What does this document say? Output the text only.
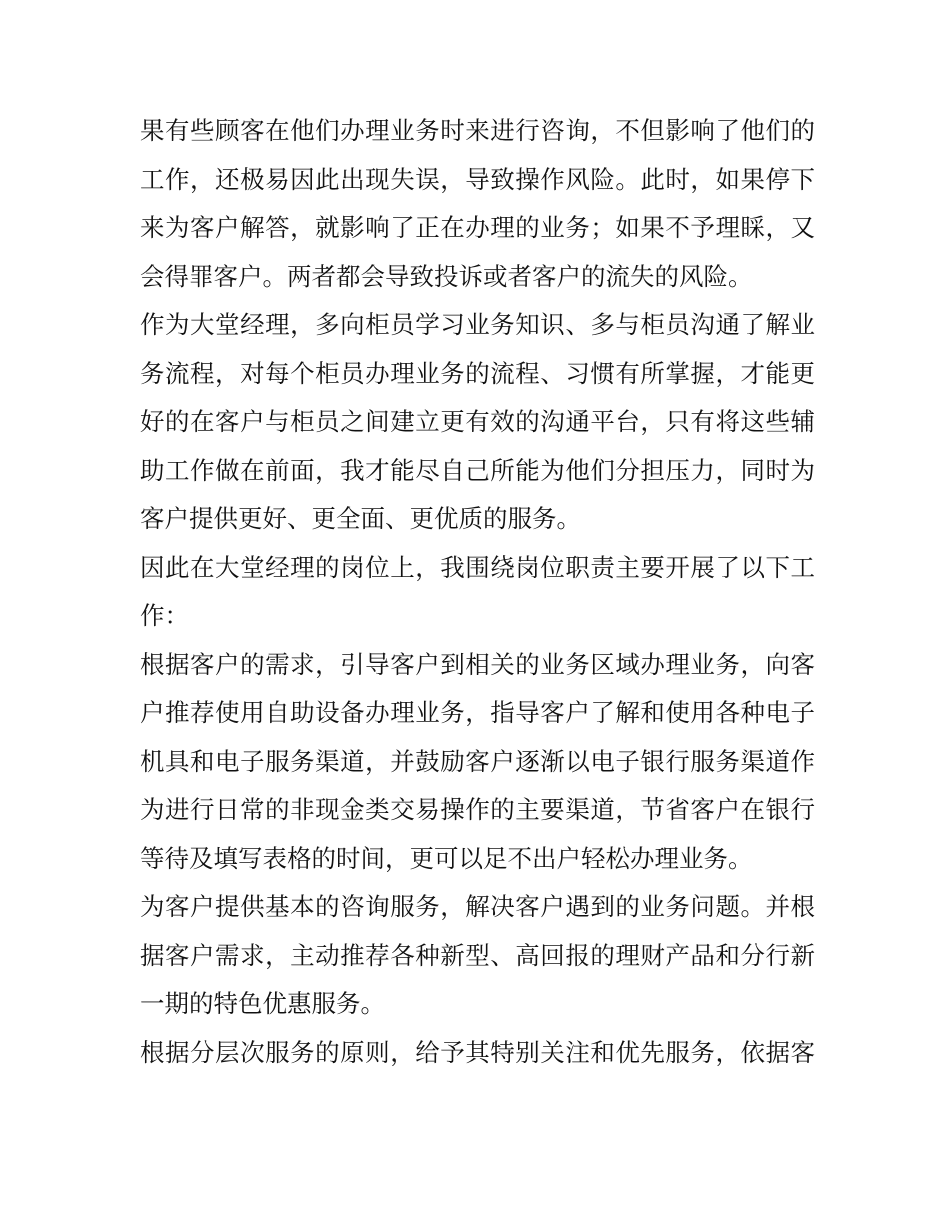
果有些顾客在他们办理业务时来进行咨询，不但影响了他们的
工作，还极易因此出现失误，导致操作风险。此时，如果停下
来为客户解答，就影响了正在办理的业务；如果不予理睬，又
会得罪客户。两者都会导致投诉或者客户的流失的风险。
作为大堂经理，多向柜员学习业务知识、多与柜员沟通了解业
务流程，对每个柜员办理业务的流程、习惯有所掌握，才能更
好的在客户与柜员之间建立更有效的沟通平台，只有将这些辅
助工作做在前面，我才能尽自己所能为他们分担压力，同时为
客户提供更好、更全面、更优质的服务。
因此在大堂经理的岗位上，我围绕岗位职责主要开展了以下工
作：
根据客户的需求，引导客户到相关的业务区域办理业务，向客
户推荐使用自助设备办理业务，指导客户了解和使用各种电子
机具和电子服务渠道，并鼓励客户逐渐以电子银行服务渠道作
为进行日常的非现金类交易操作的主要渠道，节省客户在银行
等待及填写表格的时间，更可以足不出户轻松办理业务。
为客户提供基本的咨询服务，解决客户遇到的业务问题。并根
据客户需求，主动推荐各种新型、高回报的理财产品和分行新
一期的特色优惠服务。
根据分层次服务的原则，给予其特别关注和优先服务，依据客
